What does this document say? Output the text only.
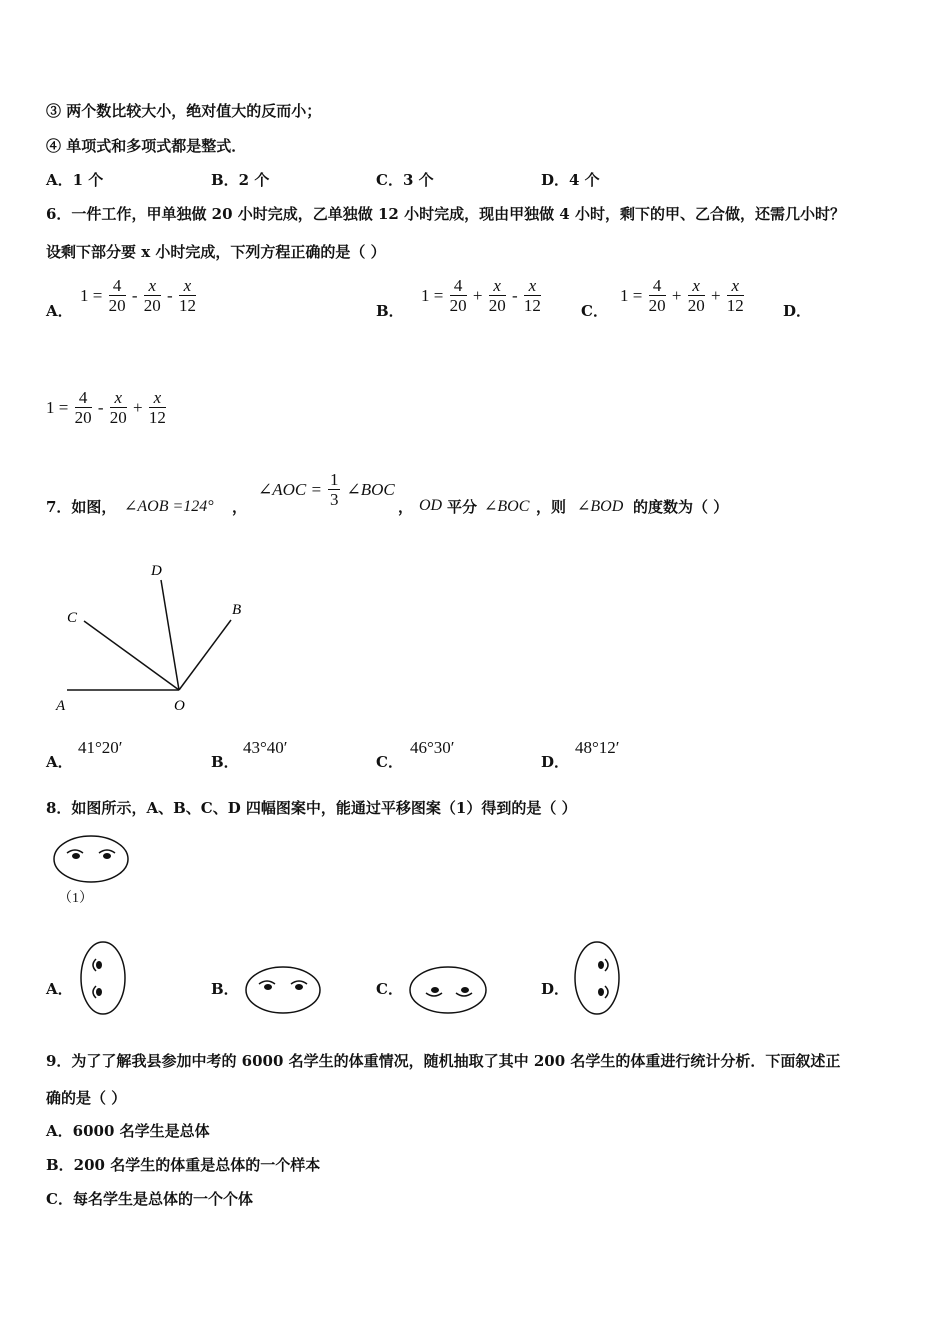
③ 两个数比较大小，绝对值大的反而小；
④ 单项式和多项式都是整式．
A．1 个	B．2 个	C．3 个	D．4 个
6．一件工作，甲单独做 20 小时完成，乙单独做 12 小时完成，现由甲独做 4 小时，剩下的甲、乙合做，还需几小时？
设剩下部分要 x 小时完成，下列方程正确的是（ ）
A．
$1 = \frac{4}{20} - \frac{x}{20} - \frac{x}{12}$	B．
$1 = \frac{4}{20} + \frac{x}{20} - \frac{x}{12}$	C．
$1 = \frac{4}{20} + \frac{x}{20} + \frac{x}{12}$	D．
$1 = \frac{4}{20} - \frac{x}{20} + \frac{x}{12}$
7．如图， ∠AOB =124° ，
∠AOC = $\frac{1}{3}$ ∠BOC
， OD 平分 ∠BOC ，则 ∠BOD 的度数为（ ）
A	O
C
D
B
A．
41°20′
B．
43°40′
C．
46°30′
D．
48°12′
8．如图所示，A、B、C、D 四幅图案中，能通过平移图案（1）得到的是（ ）
（1）
A．	B．	C．	D．
9．为了了解我县参加中考的 6000 名学生的体重情况，随机抽取了其中 200 名学生的体重进行统计分析．下面叙述正
确的是（ ）
A．6000 名学生是总体
B．200 名学生的体重是总体的一个样本
C．每名学生是总体的一个个体
